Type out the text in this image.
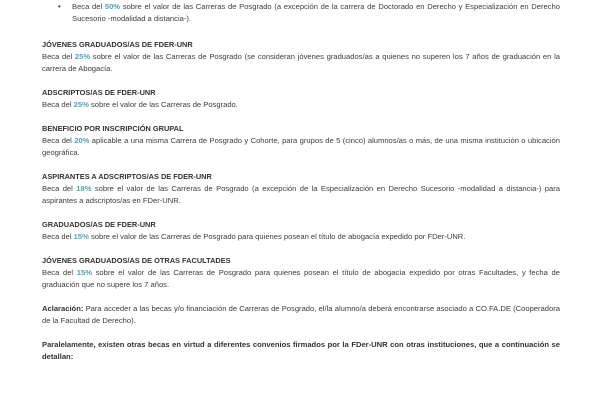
•	Beca del 50% sobre el valor de las Carreras de Posgrado (a excepción de la carrera de Doctorado en Derecho y Especialización en Derecho Sucesorio -modalidad a distancia-).

JÓVENES GRADUADOS/AS DE FDER-UNR

Beca del 25% sobre el valor de las Carreras de Posgrado (se consideran jóvenes graduados/as a quienes no superen los 7 años de graduación en la carrera de Abogacía.

ADSCRIPTOS/AS DE FDER-UNR

Beca del 25% sobre el valor de las Carreras de Posgrado.

BENEFICIO POR INSCRIPCIÓN GRUPAL

Beca del 20% aplicable a una misma Carrera de Posgrado y Cohorte, para grupos de 5 (cinco) alumnos/as o más, de una misma institución o ubicación geográfica.

ASPIRANTES A ADSCRIPTOS/AS DE FDER-UNR

Beca del 18% sobre el valor de las Carreras de Posgrado (a excepción de la Especialización en Derecho Sucesorio -modalidad a distancia-) para aspirantes a adscriptos/as en FDer-UNR.

GRADUADOS/AS DE FDER-UNR

Beca del 15% sobre el valor de las Carreras de Posgrado para quienes posean el título de abogacía expedido por FDer-UNR.

JÓVENES GRADUADOS/AS DE OTRAS FACULTADES

Beca del 15% sobre el valor de las Carreras de Posgrado para quienes posean el título de abogacía expedido por otras Facultades, y fecha de graduación que no supere los 7 años.

Aclaración: Para acceder a las becas y/o financiación de Carreras de Posgrado, el/la alumno/a deberá encontrarse asociado a CO.FA.DE (Cooperadora de la Facultad de Derecho).

Paralelamente, existen otras becas en virtud a diferentes convenios firmados por la FDer-UNR con otras instituciones, que a continuación se detallan:
